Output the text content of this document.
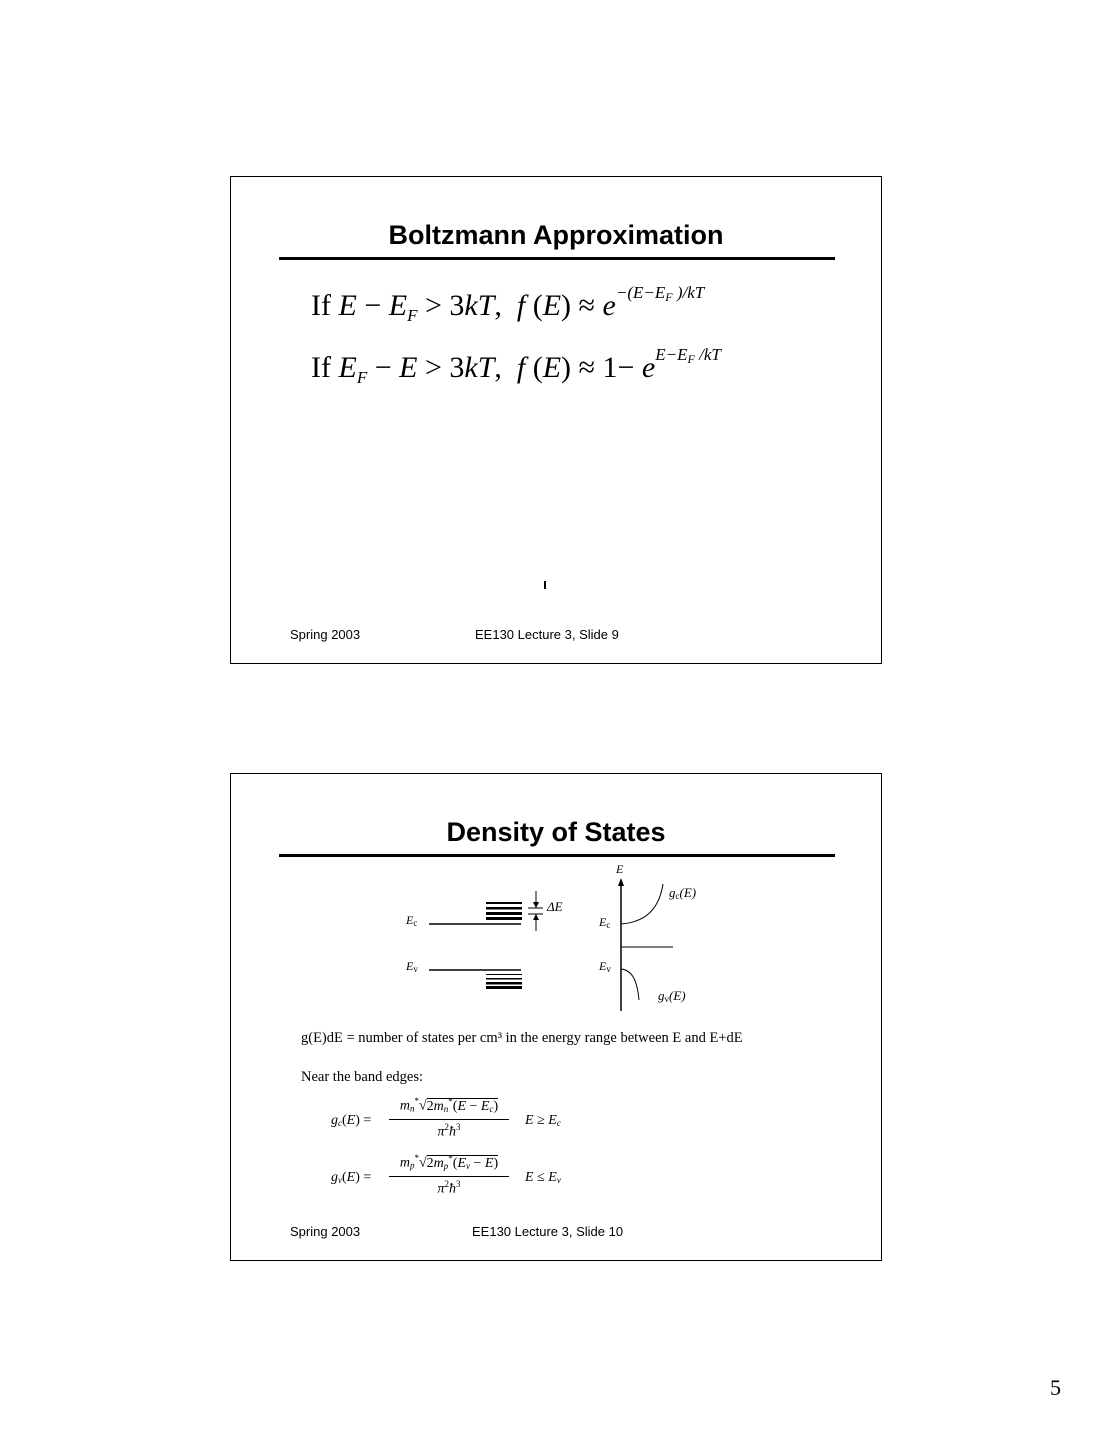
Boltzmann Approximation
If $E - E_F > 3kT$,  f $(E) \approx e^{-(E-EF )/kT}$
If $E_F - E > 3kT$,  f $(E) \approx 1- e^{E-EF /kT}$
Spring 2003	EE130 Lecture 3, Slide 9
Density of States
Ec
Ev
ΔE
E
Ec
Ev
gc(E)
gv(E)
g(E)dE = number of states per cm³ in the energy range between E and E+dE
Near the band edges:
gc(E) =
mn*√2mn*(E − Ec)
$\pi^2ħ^3$	E ≥ Ec
gv(E) =
mp*√2mp*(Ev − E)
$\pi^2ħ^3$	E ≤ Ev
Spring 2003	EE130 Lecture 3, Slide 10
5
